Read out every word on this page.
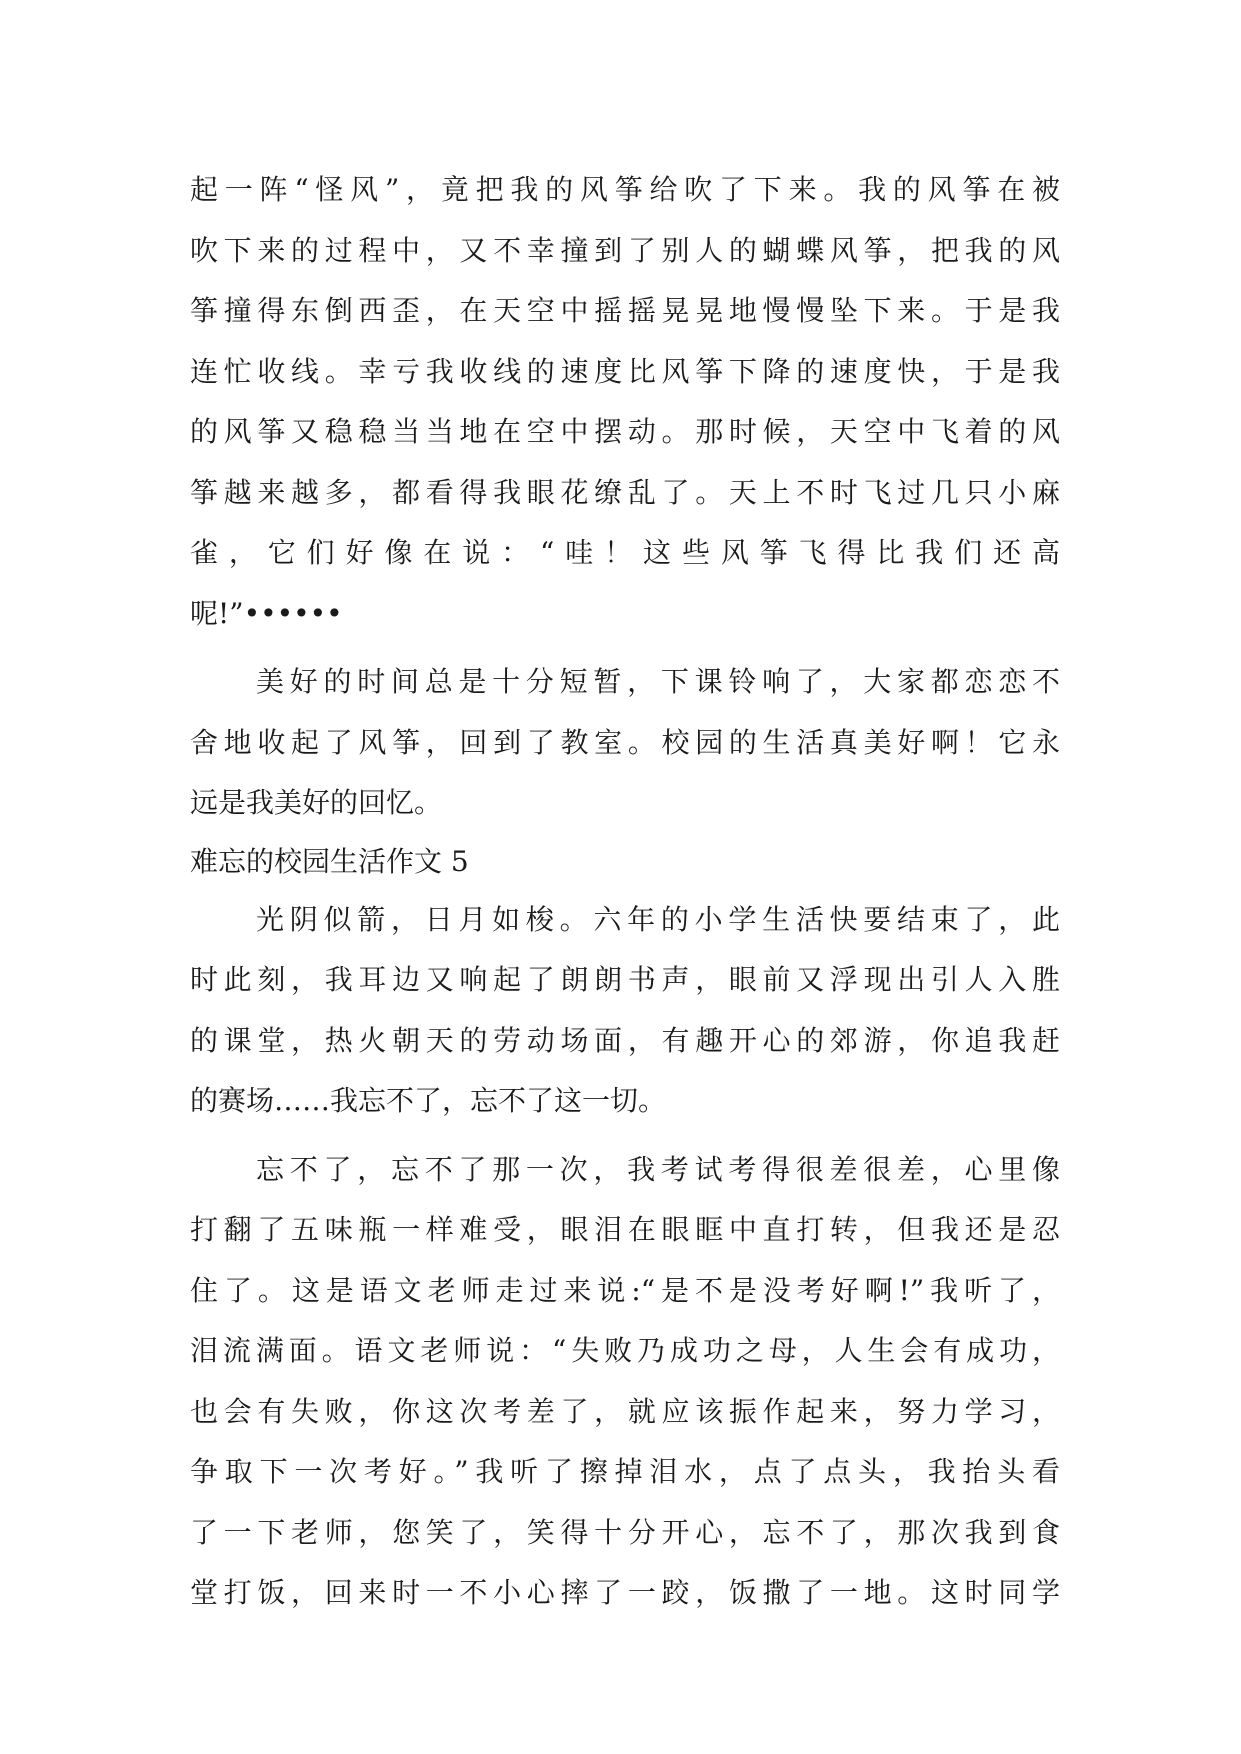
起一阵“怪风”，竟把我的风筝给吹了下来。我的风筝在被
吹下来的过程中，又不幸撞到了别人的蝴蝶风筝，把我的风
筝撞得东倒西歪，在天空中摇摇晃晃地慢慢坠下来。于是我
连忙收线。幸亏我收线的速度比风筝下降的速度快，于是我
的风筝又稳稳当当地在空中摆动。那时候，天空中飞着的风
筝越来越多，都看得我眼花缭乱了。天上不时飞过几只小麻
雀，它们好像在说：“哇！这些风筝飞得比我们还高
呢!”••••••
美好的时间总是十分短暂，下课铃响了，大家都恋恋不
舍地收起了风筝，回到了教室。校园的生活真美好啊！它永
远是我美好的回忆。
难忘的校园生活作文 5
光阴似箭，日月如梭。六年的小学生活快要结束了，此
时此刻，我耳边又响起了朗朗书声，眼前又浮现出引人入胜
的课堂，热火朝天的劳动场面，有趣开心的郊游，你追我赶
的赛场……我忘不了，忘不了这一切。
忘不了，忘不了那一次，我考试考得很差很差，心里像
打翻了五味瓶一样难受，眼泪在眼眶中直打转，但我还是忍
住了。这是语文老师走过来说:“是不是没考好啊!”我听了，
泪流满面。语文老师说：“失败乃成功之母，人生会有成功，
也会有失败，你这次考差了，就应该振作起来，努力学习，
争取下一次考好。”我听了擦掉泪水，点了点头，我抬头看
了一下老师，您笑了，笑得十分开心，忘不了，那次我到食
堂打饭，回来时一不小心摔了一跤，饭撒了一地。这时同学
